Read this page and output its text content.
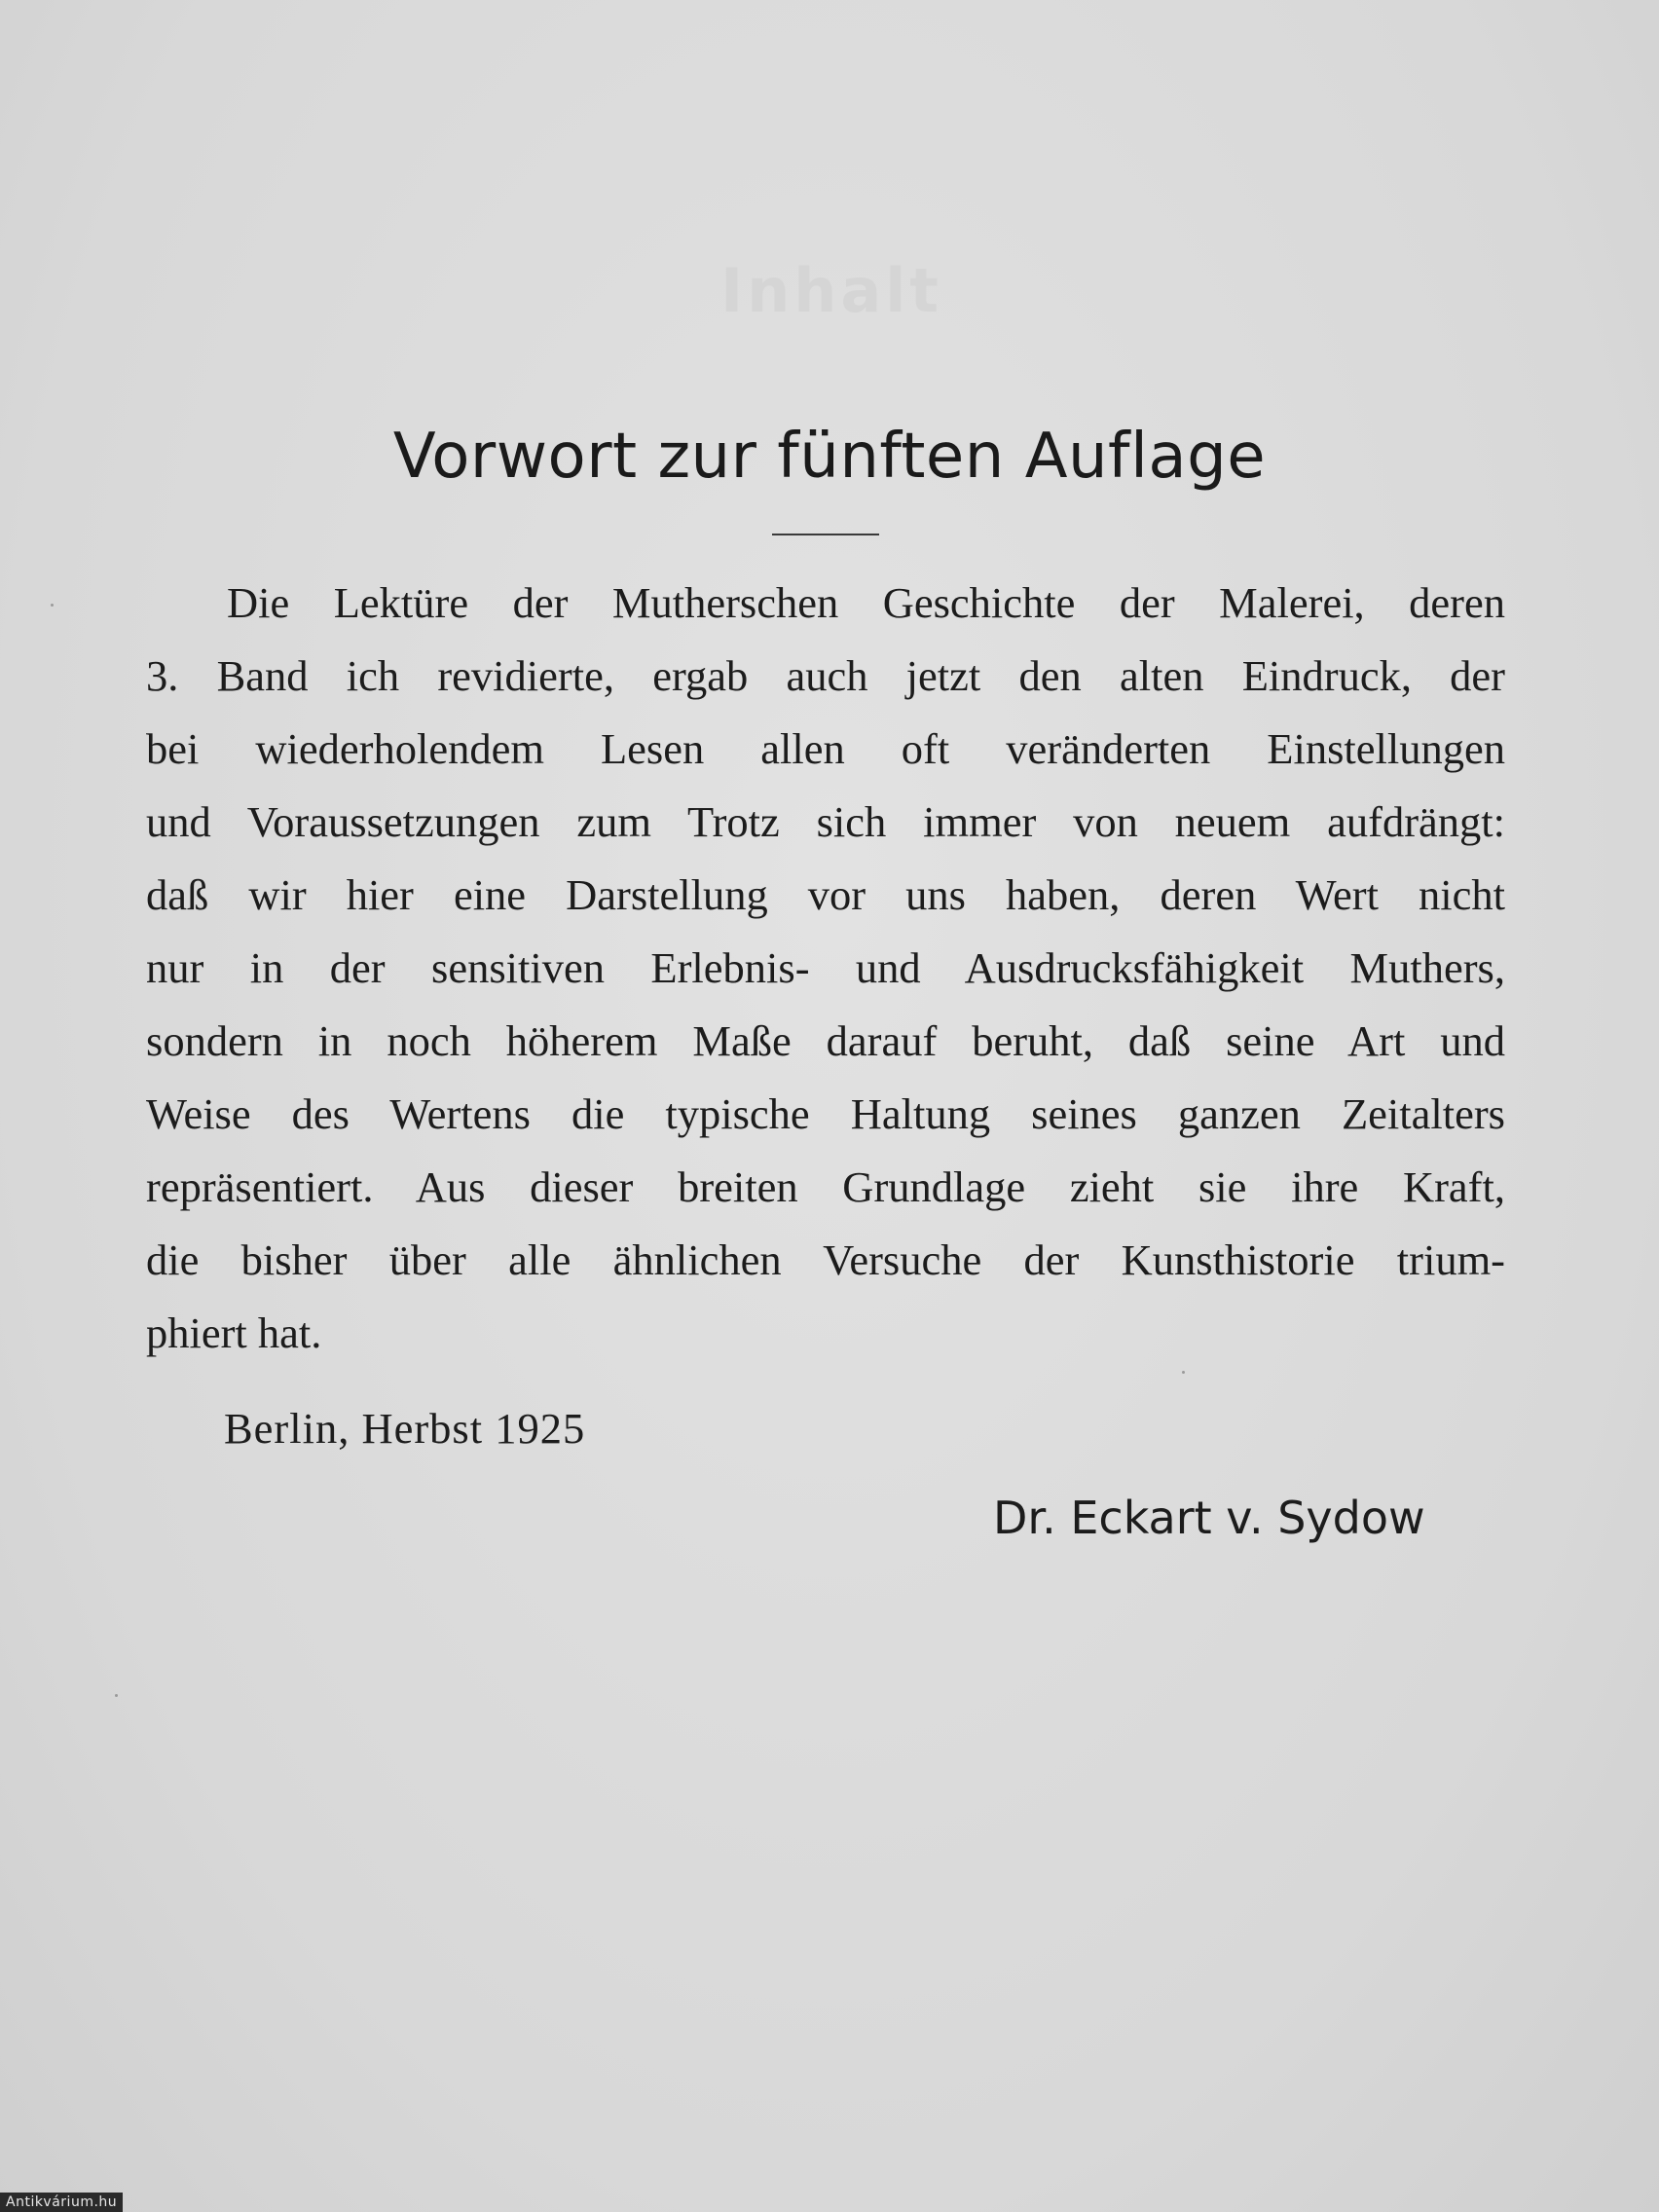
Inhalt
Vorwort zur fünften Auflage

Die Lektüre der Mutherschen Geschichte der Malerei, deren
3. Band ich revidierte, ergab auch jetzt den alten Eindruck, der
bei wiederholendem Lesen allen oft veränderten Einstellungen
und Voraussetzungen zum Trotz sich immer von neuem aufdrängt:
daß wir hier eine Darstellung vor uns haben, deren Wert nicht
nur in der sensitiven Erlebnis- und Ausdrucksfähigkeit Muthers,
sondern in noch höherem Maße darauf beruht, daß seine Art und
Weise des Wertens die typische Haltung seines ganzen Zeitalters
repräsentiert. Aus dieser breiten Grundlage zieht sie ihre Kraft,
die bisher über alle ähnlichen Versuche der Kunsthistorie trium-
phiert hat.

Berlin, Herbst 1925

Dr. Eckart v. Sydow

Antikvárium.hu
